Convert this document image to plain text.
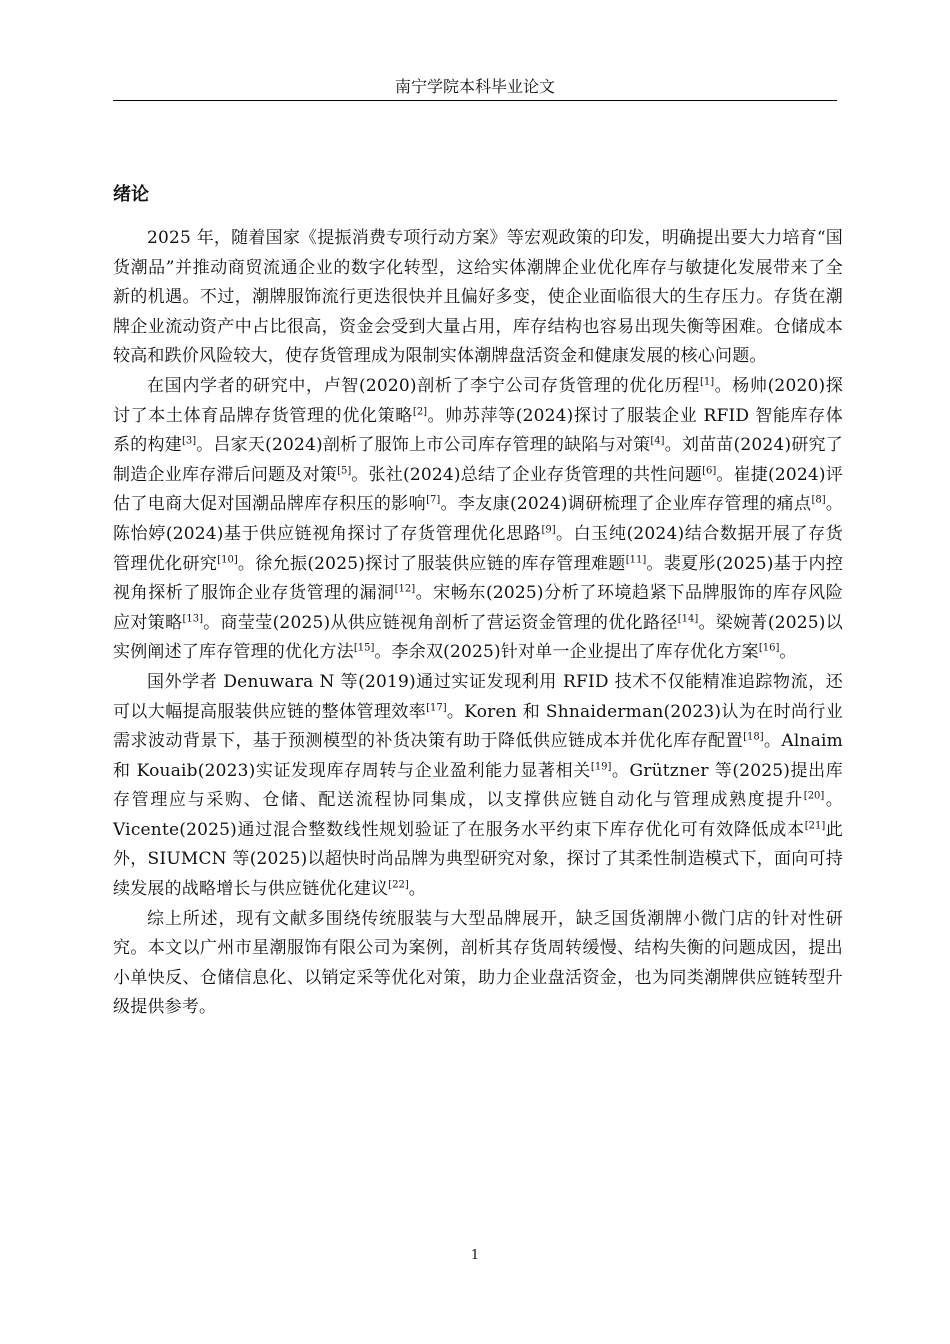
南宁学院本科毕业论文
绪论

2025 年，随着国家《提振消费专项行动方案》等宏观政策的印发，明确提出要大力培育“国货潮品”并推动商贸流通企业的数字化转型，这给实体潮牌企业优化库存与敏捷化发展带来了全新的机遇。不过，潮牌服饰流行更迭很快并且偏好多变，使企业面临很大的生存压力。存货在潮牌企业流动资产中占比很高，资金会受到大量占用，库存结构也容易出现失衡等困难。仓储成本较高和跌价风险较大，使存货管理成为限制实体潮牌盘活资金和健康发展的核心问题。

在国内学者的研究中，卢智(2020)剖析了李宁公司存货管理的优化历程[1]。杨帅(2020)探讨了本土体育品牌存货管理的优化策略[2]。帅苏萍等(2024)探讨了服装企业 RFID 智能库存体系的构建[3]。吕家天(2024)剖析了服饰上市公司库存管理的缺陷与对策[4]。刘苗苗(2024)研究了制造企业库存滞后问题及对策[5]。张社(2024)总结了企业存货管理的共性问题[6]。崔捷(2024)评估了电商大促对国潮品牌库存积压的影响[7]。李友康(2024)调研梳理了企业库存管理的痛点[8]。陈怡婷(2024)基于供应链视角探讨了存货管理优化思路[9]。白玉纯(2024)结合数据开展了存货管理优化研究[10]。徐允振(2025)探讨了服装供应链的库存管理难题[11]。裴夏彤(2025)基于内控视角探析了服饰企业存货管理的漏洞[12]。宋畅东(2025)分析了环境趋紧下品牌服饰的库存风险应对策略[13]。商莹莹(2025)从供应链视角剖析了营运资金管理的优化路径[14]。梁婉菁(2025)以实例阐述了库存管理的优化方法[15]。李余双(2025)针对单一企业提出了库存优化方案[16]。

国外学者 Denuwara N 等(2019)通过实证发现利用 RFID 技术不仅能精准追踪物流，还可以大幅提高服装供应链的整体管理效率[17]。Koren 和 Shnaiderman(2023)认为在时尚行业需求波动背景下，基于预测模型的补货决策有助于降低供应链成本并优化库存配置[18]。Alnaim 和 Kouaib(2023)实证发现库存周转与企业盈利能力显著相关[19]。Grützner 等(2025)提出库存管理应与采购、仓储、配送流程协同集成，以支撑供应链自动化与管理成熟度提升[20]。Vicente(2025)通过混合整数线性规划验证了在服务水平约束下库存优化可有效降低成本[21]此外，SIUMCN 等(2025)以超快时尚品牌为典型研究对象，探讨了其柔性制造模式下，面向可持续发展的战略增长与供应链优化建议[22]。

综上所述，现有文献多围绕传统服装与大型品牌展开，缺乏国货潮牌小微门店的针对性研究。本文以广州市星潮服饰有限公司为案例，剖析其存货周转缓慢、结构失衡的问题成因，提出小单快反、仓储信息化、以销定采等优化对策，助力企业盘活资金，也为同类潮牌供应链转型升级提供参考。

1
